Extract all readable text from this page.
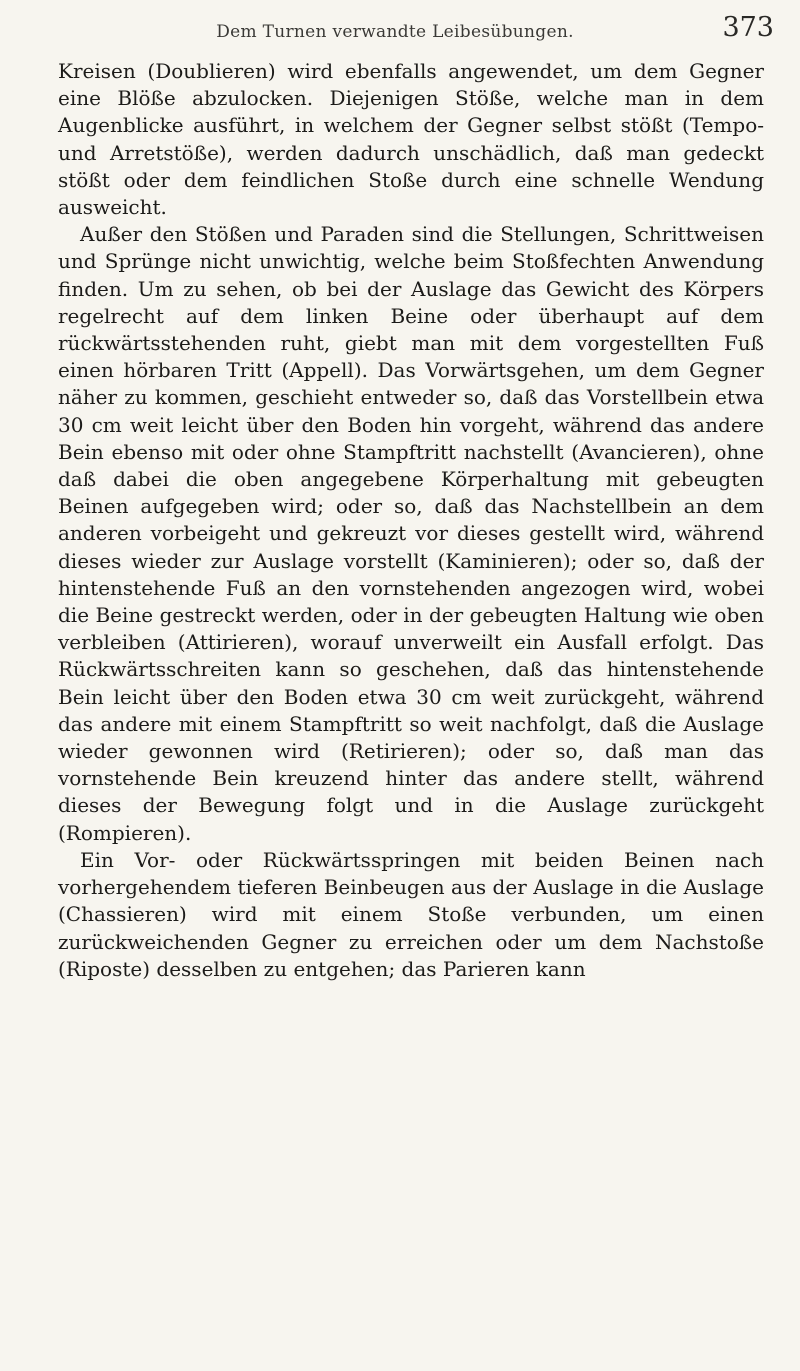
Dem Turnen verwandte Leibesübungen.	373

Kreisen (Doublieren) wird ebenfalls angewendet, um dem Gegner eine Blöße abzulocken. Diejenigen Stöße, welche man in dem Augenblicke ausführt, in welchem der Gegner selbst stößt (Tempo- und Arretstöße), werden dadurch unschädlich, daß man gedeckt stößt oder dem feindlichen Stoße durch eine schnelle Wendung ausweicht.

Außer den Stößen und Paraden sind die Stellungen, Schrittweisen und Sprünge nicht unwichtig, welche beim Stoßfechten Anwendung finden. Um zu sehen, ob bei der Auslage das Gewicht des Körpers regelrecht auf dem linken Beine oder überhaupt auf dem rückwärtsstehenden ruht, giebt man mit dem vorgestellten Fuß einen hörbaren Tritt (Appell). Das Vorwärtsgehen, um dem Gegner näher zu kommen, geschieht entweder so, daß das Vorstellbein etwa 30 cm weit leicht über den Boden hin vorgeht, während das andere Bein ebenso mit oder ohne Stampftritt nachstellt (Avancieren), ohne daß dabei die oben angegebene Körperhaltung mit gebeugten Beinen aufgegeben wird; oder so, daß das Nachstellbein an dem anderen vorbeigeht und gekreuzt vor dieses gestellt wird, während dieses wieder zur Auslage vorstellt (Kaminieren); oder so, daß der hintenstehende Fuß an den vornstehenden angezogen wird, wobei die Beine gestreckt werden, oder in der gebeugten Haltung wie oben verbleiben (Attirieren), worauf unverweilt ein Ausfall erfolgt. Das Rückwärtsschreiten kann so geschehen, daß das hintenstehende Bein leicht über den Boden etwa 30 cm weit zurückgeht, während das andere mit einem Stampftritt so weit nachfolgt, daß die Auslage wieder gewonnen wird (Retirieren); oder so, daß man das vornstehende Bein kreuzend hinter das andere stellt, während dieses der Bewegung folgt und in die Auslage zurückgeht (Rompieren).

Ein Vor- oder Rückwärtsspringen mit beiden Beinen nach vorhergehendem tieferen Beinbeugen aus der Auslage in die Auslage (Chassieren) wird mit einem Stoße verbunden, um einen zurückweichenden Gegner zu erreichen oder um dem Nachstoße (Riposte) desselben zu entgehen; das Parieren kann
